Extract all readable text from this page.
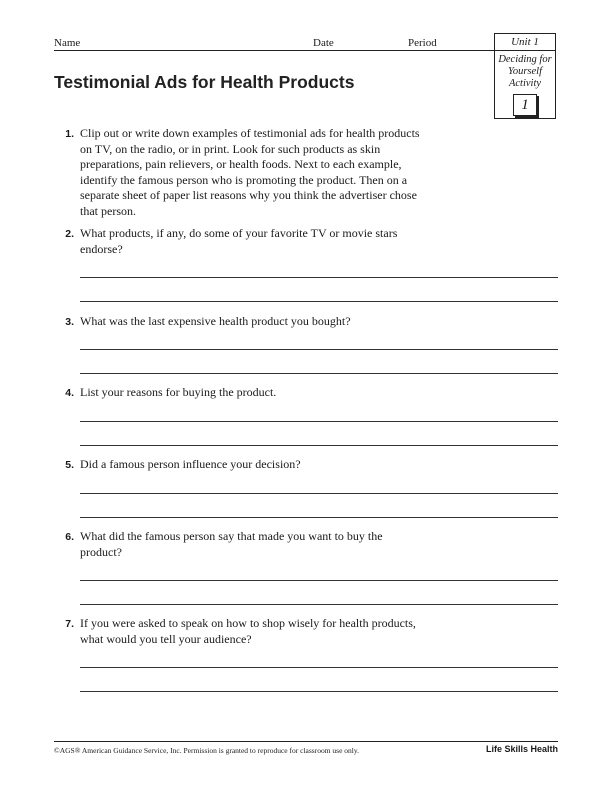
Name	Date	Period	Unit 1
Deciding for
Yourself
Activity
1
Testimonial Ads for Health Products
1. Clip out or write down examples of testimonial ads for health products
on TV, on the radio, or in print. Look for such products as skin
preparations, pain relievers, or health foods. Next to each example,
identify the famous person who is promoting the product. Then on a
separate sheet of paper list reasons why you think the advertiser chose
that person.
2. What products, if any, do some of your favorite TV or movie stars
endorse?
3. What was the last expensive health product you bought?
4. List your reasons for buying the product.
5. Did a famous person influence your decision?
6. What did the famous person say that made you want to buy the
product?
7. If you were asked to speak on how to shop wisely for health products,
what would you tell your audience?
©AGS® American Guidance Service, Inc. Permission is granted to reproduce for classroom use only.	Life Skills Health
